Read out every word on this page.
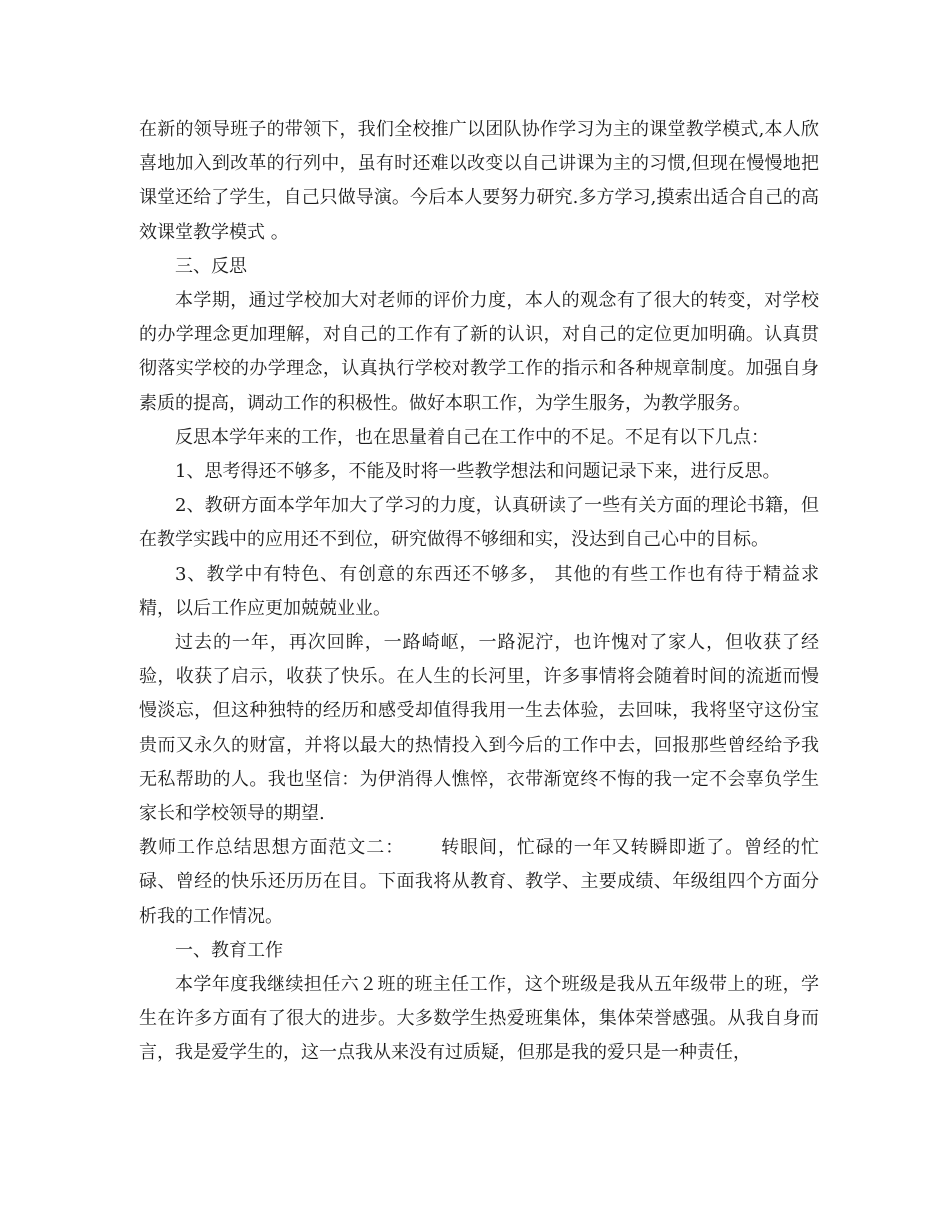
在新的领导班子的带领下，我们全校推广以团队协作学习为主的课堂教学模式,本人欣喜地加入到改革的行列中，虽有时还难以改变以自己讲课为主的习惯,但现在慢慢地把课堂还给了学生，自己只做导演。今后本人要努力研究.多方学习,摸索出适合自己的高效课堂教学模式 。

三、反思

本学期，通过学校加大对老师的评价力度，本人的观念有了很大的转变，对学校的办学理念更加理解，对自己的工作有了新的认识，对自己的定位更加明确。认真贯彻落实学校的办学理念，认真执行学校对教学工作的指示和各种规章制度。加强自身素质的提高，调动工作的积极性。做好本职工作，为学生服务，为教学服务。

反思本学年来的工作，也在思量着自己在工作中的不足。不足有以下几点：

1、思考得还不够多，不能及时将一些教学想法和问题记录下来，进行反思。

2、教研方面本学年加大了学习的力度，认真研读了一些有关方面的理论书籍，但在教学实践中的应用还不到位，研究做得不够细和实，没达到自己心中的目标。

3、教学中有特色、有创意的东西还不够多， 其他的有些工作也有待于精益求精，以后工作应更加兢兢业业。

过去的一年，再次回眸，一路崎岖，一路泥泞，也许愧对了家人，但收获了经验，收获了启示，收获了快乐。在人生的长河里，许多事情将会随着时间的流逝而慢慢淡忘，但这种独特的经历和感受却值得我用一生去体验，去回味，我将坚守这份宝贵而又永久的财富，并将以最大的热情投入到今后的工作中去，回报那些曾经给予我无私帮助的人。我也坚信：为伊消得人憔悴，衣带渐宽终不悔的我一定不会辜负学生家长和学校领导的期望.

教师工作总结思想方面范文二： 转眼间，忙碌的一年又转瞬即逝了。曾经的忙碌、曾经的快乐还历历在目。下面我将从教育、教学、主要成绩、年级组四个方面分析我的工作情况。

一、教育工作

本学年度我继续担任六２班的班主任工作，这个班级是我从五年级带上的班，学生在许多方面有了很大的进步。大多数学生热爱班集体，集体荣誉感强。从我自身而言，我是爱学生的，这一点我从来没有过质疑，但那是我的爱只是一种责任，
